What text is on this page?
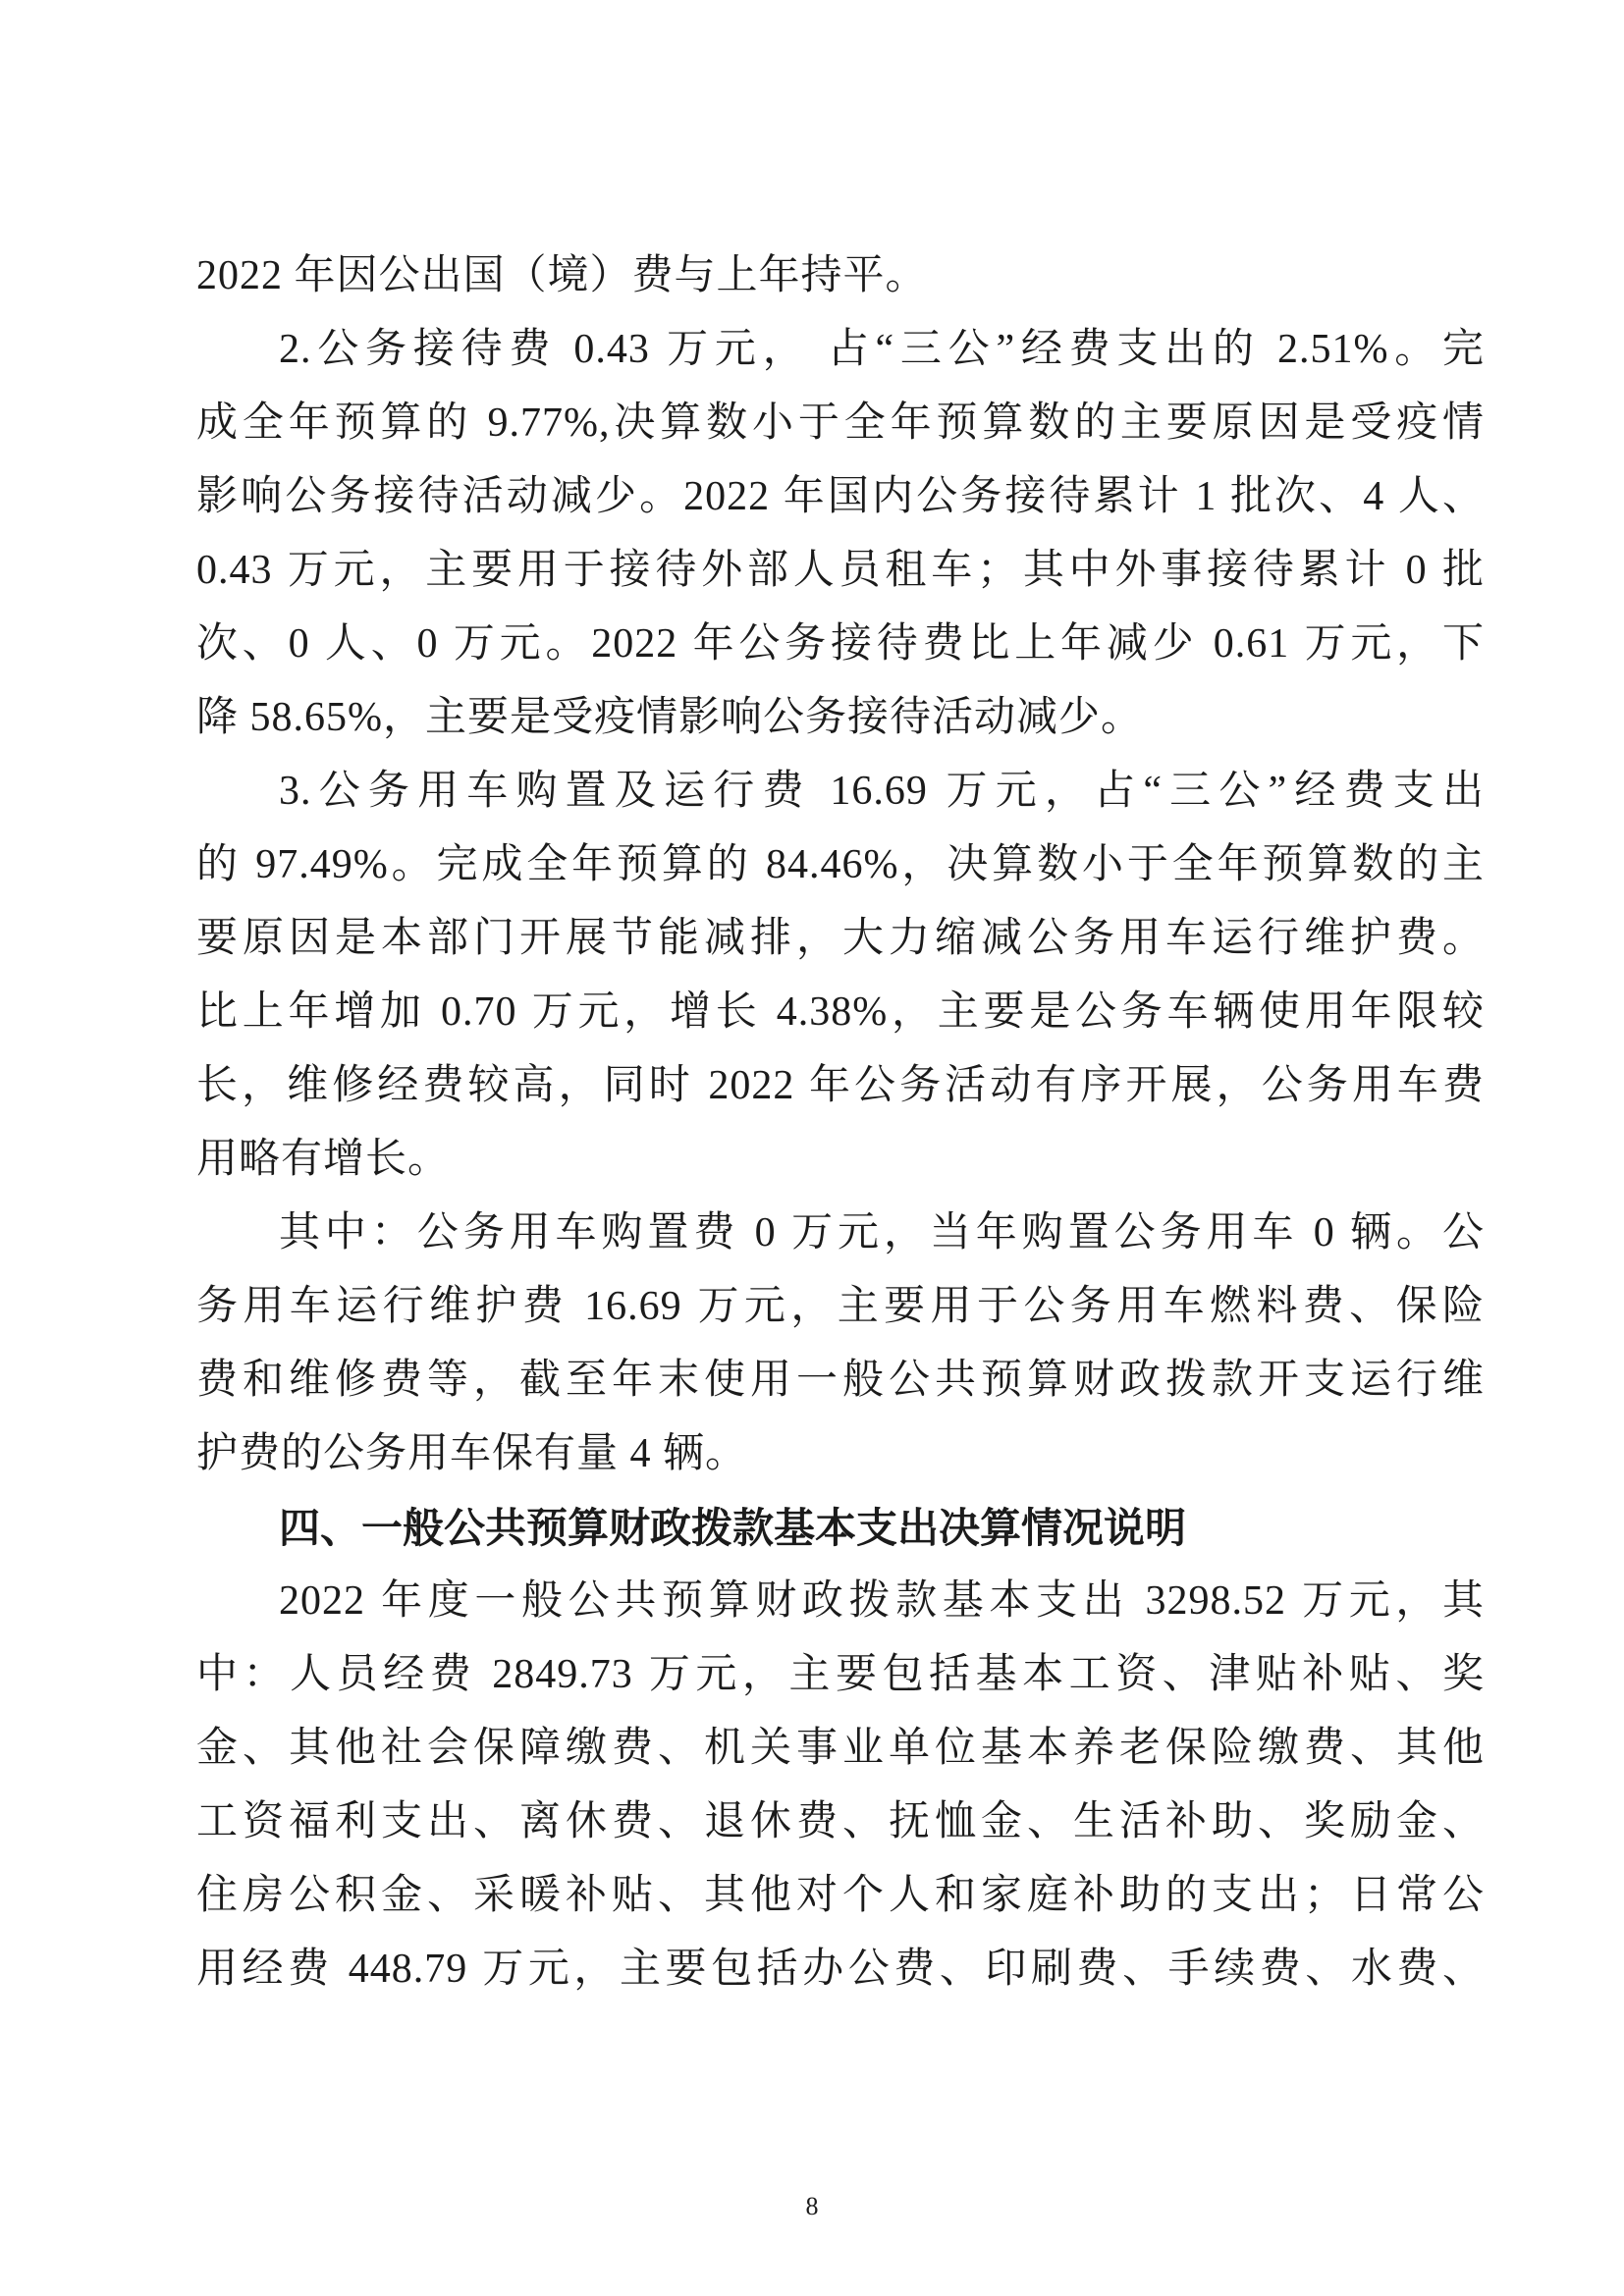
2022 年因公出国（境）费与上年持平。
2.公务接待费 0.43 万元， 占“三公”经费支出的 2.51%。完
成全年预算的 9.77%,决算数小于全年预算数的主要原因是受疫情
影响公务接待活动减少。2022 年国内公务接待累计 1 批次、4 人、
0.43 万元，主要用于接待外部人员租车；其中外事接待累计 0 批
次、0 人、0 万元。2022 年公务接待费比上年减少 0.61 万元，下
降 58.65%，主要是受疫情影响公务接待活动减少。
3.公务用车购置及运行费 16.69 万元，占“三公”经费支出
的 97.49%。完成全年预算的 84.46%，决算数小于全年预算数的主
要原因是本部门开展节能减排，大力缩减公务用车运行维护费。
比上年增加 0.70 万元，增长 4.38%，主要是公务车辆使用年限较
长，维修经费较高，同时 2022 年公务活动有序开展，公务用车费
用略有增长。
其中：公务用车购置费 0 万元，当年购置公务用车 0 辆。公
务用车运行维护费 16.69 万元，主要用于公务用车燃料费、保险
费和维修费等，截至年末使用一般公共预算财政拨款开支运行维
护费的公务用车保有量 4 辆。
四、一般公共预算财政拨款基本支出决算情况说明
2022 年度一般公共预算财政拨款基本支出 3298.52 万元，其
中：人员经费 2849.73 万元，主要包括基本工资、津贴补贴、奖
金、其他社会保障缴费、机关事业单位基本养老保险缴费、其他
工资福利支出、离休费、退休费、抚恤金、生活补助、奖励金、
住房公积金、采暖补贴、其他对个人和家庭补助的支出；日常公
用经费 448.79 万元，主要包括办公费、印刷费、手续费、水费、
8
